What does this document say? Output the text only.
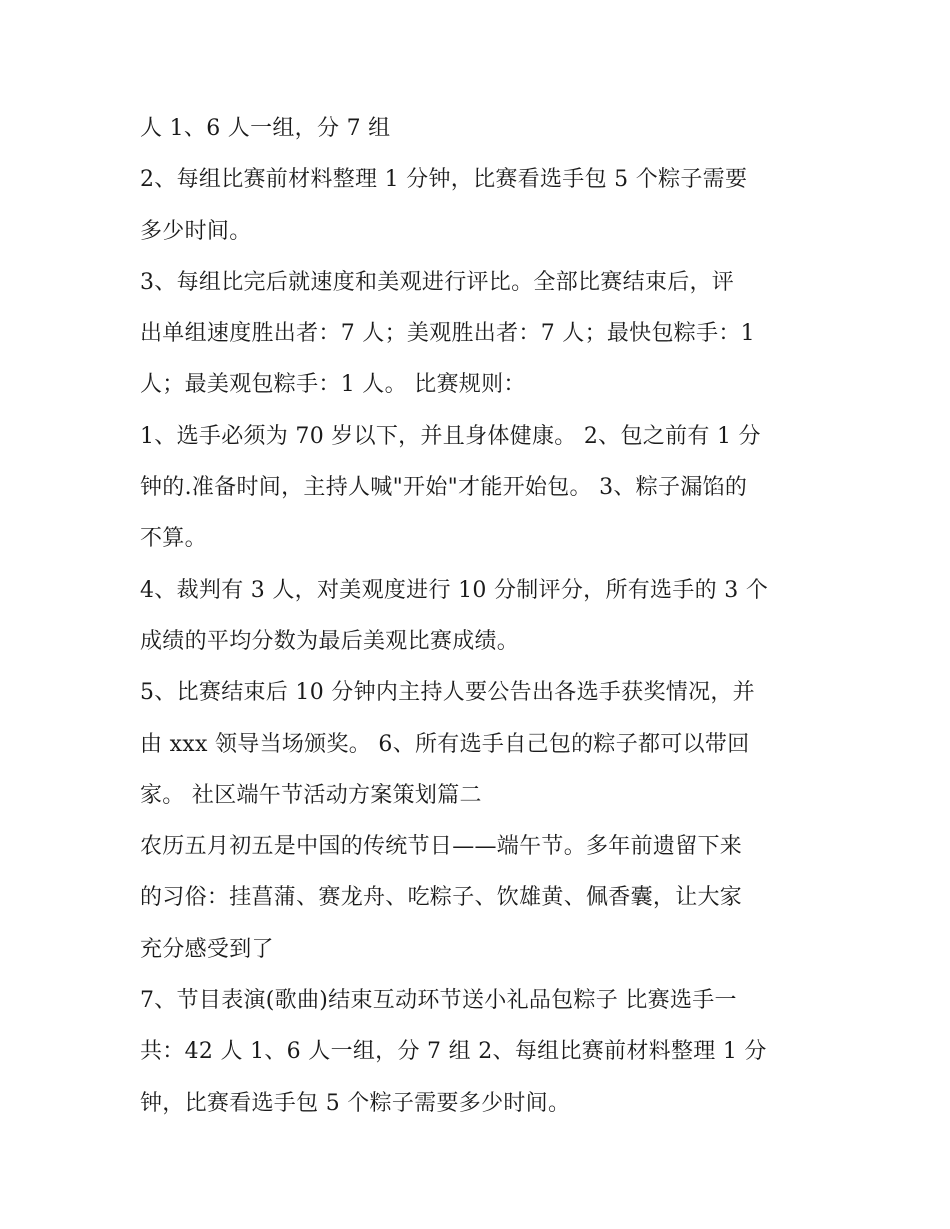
人 1、6 人一组，分 7 组
2、每组比赛前材料整理 1 分钟，比赛看选手包 5 个粽子需要
多少时间。
3、每组比完后就速度和美观进行评比。全部比赛结束后，评
出单组速度胜出者：7 人；美观胜出者：7 人；最快包粽手：1
人；最美观包粽手：1 人。 比赛规则：
1、选手必须为 70 岁以下，并且身体健康。 2、包之前有 1 分
钟的.准备时间，主持人喊"开始"才能开始包。 3、粽子漏馅的
不算。
4、裁判有 3 人，对美观度进行 10 分制评分，所有选手的 3 个
成绩的平均分数为最后美观比赛成绩。
5、比赛结束后 10 分钟内主持人要公告出各选手获奖情况，并
由 xxx 领导当场颁奖。 6、所有选手自己包的粽子都可以带回
家。 社区端午节活动方案策划篇二
农历五月初五是中国的传统节日——端午节。多年前遗留下来
的习俗：挂菖蒲、赛龙舟、吃粽子、饮雄黄、佩香囊，让大家
充分感受到了
7、节目表演(歌曲)结束互动环节送小礼品包粽子 比赛选手一
共：42 人 1、6 人一组，分 7 组 2、每组比赛前材料整理 1 分
钟，比赛看选手包 5 个粽子需要多少时间。
